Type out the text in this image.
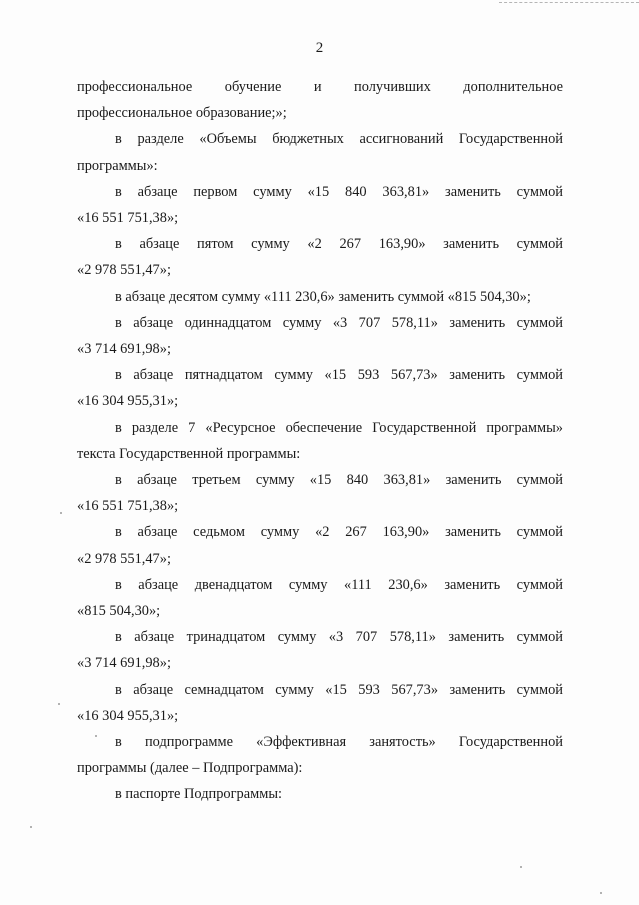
2

профессиональное обучение и получивших дополнительное

профессиональное образование;»;

в разделе «Объемы бюджетных ассигнований Государственной

программы»:

в абзаце первом сумму «15 840 363,81» заменить суммой

«16 551 751,38»;

в абзаце пятом сумму «2 267 163,90» заменить суммой

«2 978 551,47»;

в абзаце десятом сумму «111 230,6» заменить суммой «815 504,30»;

в абзаце одиннадцатом сумму «3 707 578,11» заменить суммой

«3 714 691,98»;

в абзаце пятнадцатом сумму «15 593 567,73» заменить суммой

«16 304 955,31»;

в разделе 7 «Ресурсное обеспечение Государственной программы»

текста Государственной программы:

в абзаце третьем сумму «15 840 363,81» заменить суммой

«16 551 751,38»;

в абзаце седьмом сумму «2 267 163,90» заменить суммой

«2 978 551,47»;

в абзаце двенадцатом сумму «111 230,6» заменить суммой

«815 504,30»;

в абзаце тринадцатом сумму «3 707 578,11» заменить суммой

«3 714 691,98»;

в абзаце семнадцатом сумму «15 593 567,73» заменить суммой

«16 304 955,31»;

в подпрограмме «Эффективная занятость» Государственной

программы (далее – Подпрограмма):

в паспорте Подпрограммы:
